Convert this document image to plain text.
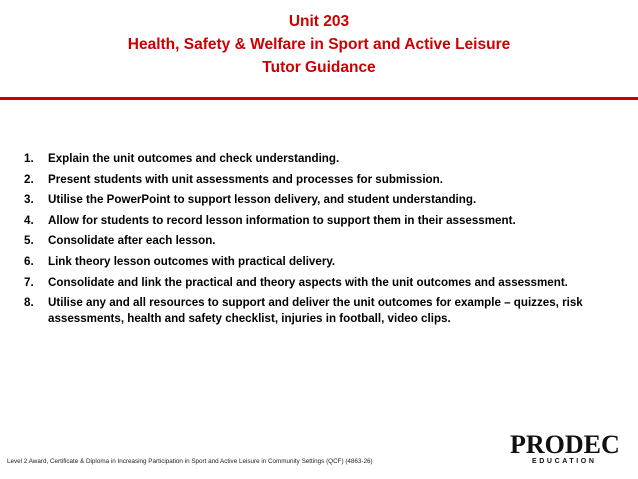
Unit 203
Health, Safety & Welfare in Sport and Active Leisure
Tutor Guidance
1.	Explain the unit outcomes and check understanding.
2.	Present students with unit assessments and processes for submission.
3.	Utilise the PowerPoint to support lesson delivery, and student understanding.
4.	Allow for students to record lesson information to support them in their assessment.
5.	Consolidate after each lesson.
6.	Link theory lesson outcomes with practical delivery.
7.	Consolidate and link the practical and theory aspects with the unit outcomes and assessment.
8.	Utilise any and all resources to support and deliver the unit outcomes for example – quizzes, risk assessments, health and safety checklist, injuries in football, video clips.
Level 2 Award, Certificate & Diploma in Increasing Participation in Sport and Active Leisure in Community Settings (QCF) (4863-26)
PRODEC
EDUCATION
